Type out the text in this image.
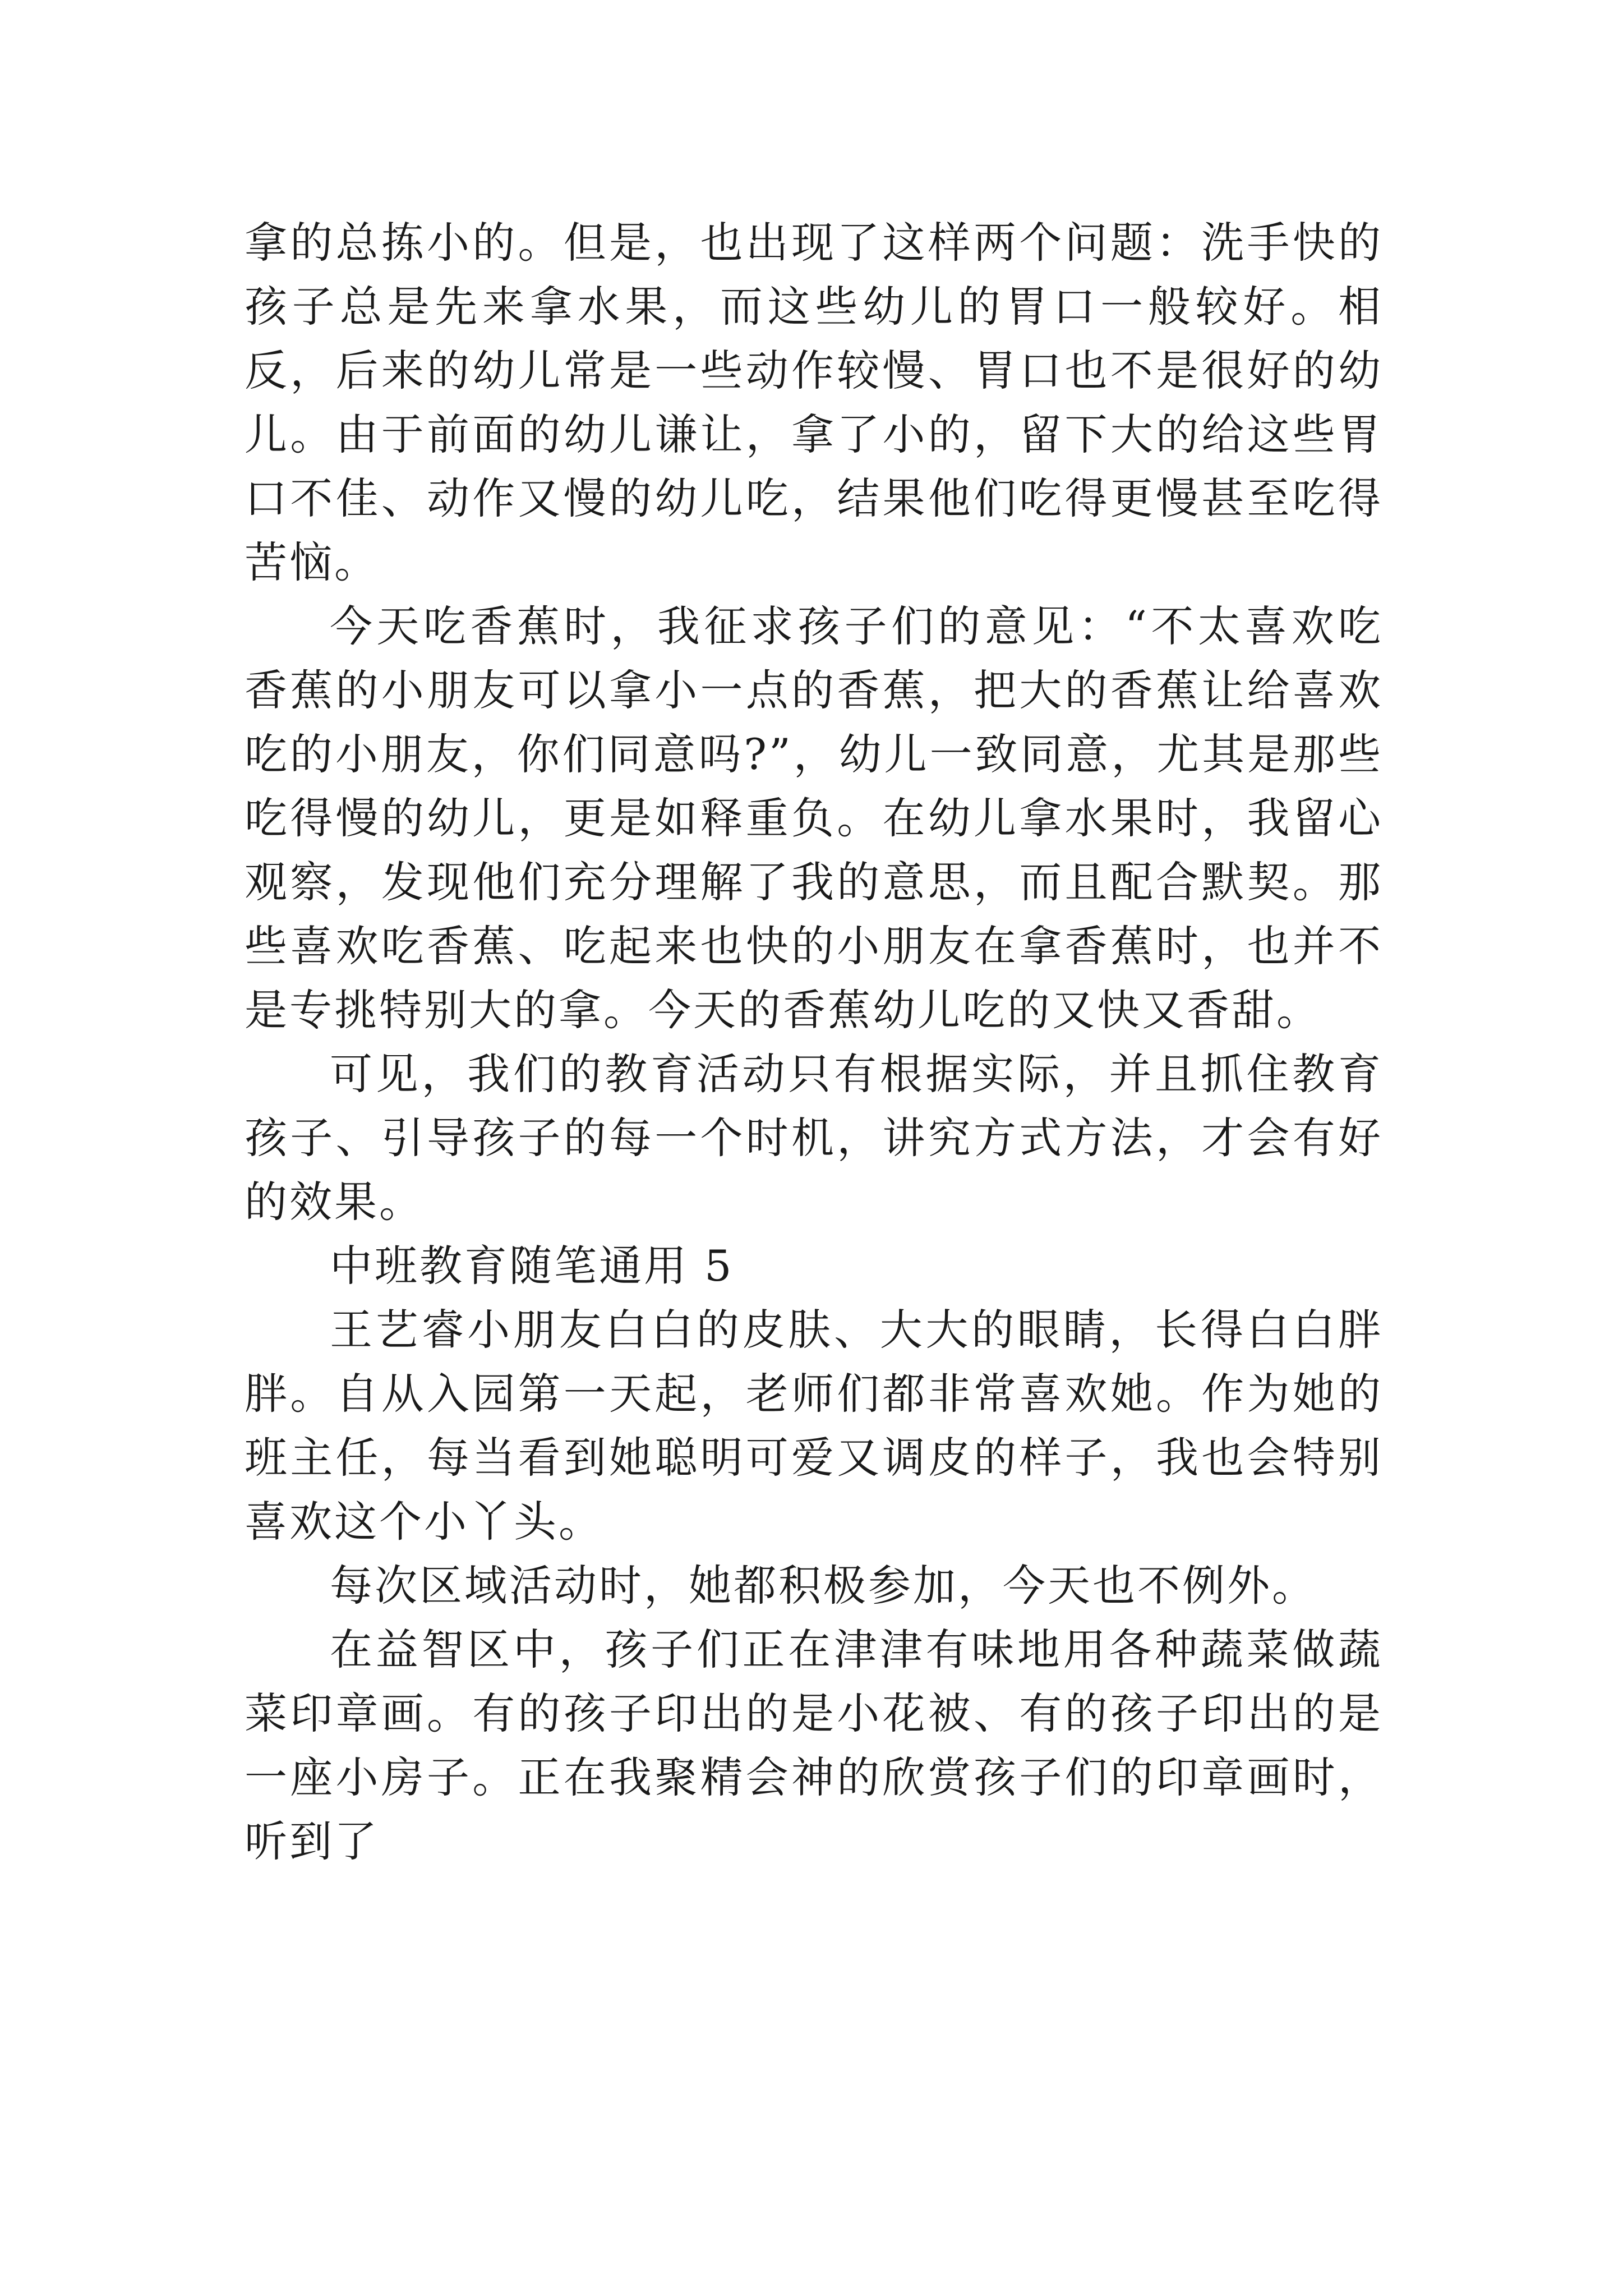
拿的总拣小的。但是，也出现了这样两个问题：洗手快的孩子总是先来拿水果，而这些幼儿的胃口一般较好。相反，后来的幼儿常是一些动作较慢、胃口也不是很好的幼儿。由于前面的幼儿谦让，拿了小的，留下大的给这些胃口不佳、动作又慢的幼儿吃，结果他们吃得更慢甚至吃得苦恼。

今天吃香蕉时，我征求孩子们的意见：“不太喜欢吃香蕉的小朋友可以拿小一点的香蕉，把大的香蕉让给喜欢吃的小朋友，你们同意吗?”，幼儿一致同意，尤其是那些吃得慢的幼儿，更是如释重负。在幼儿拿水果时，我留心观察，发现他们充分理解了我的意思，而且配合默契。那些喜欢吃香蕉、吃起来也快的小朋友在拿香蕉时，也并不是专挑特别大的拿。今天的香蕉幼儿吃的又快又香甜。

可见，我们的教育活动只有根据实际，并且抓住教育孩子、引导孩子的每一个时机，讲究方式方法，才会有好的效果。

中班教育随笔通用 5

王艺睿小朋友白白的皮肤、大大的眼睛，长得白白胖胖。自从入园第一天起，老师们都非常喜欢她。作为她的班主任，每当看到她聪明可爱又调皮的样子，我也会特别喜欢这个小丫头。

每次区域活动时，她都积极参加，今天也不例外。

在益智区中，孩子们正在津津有味地用各种蔬菜做蔬菜印章画。有的孩子印出的是小花被、有的孩子印出的是一座小房子。正在我聚精会神的欣赏孩子们的印章画时，听到了
